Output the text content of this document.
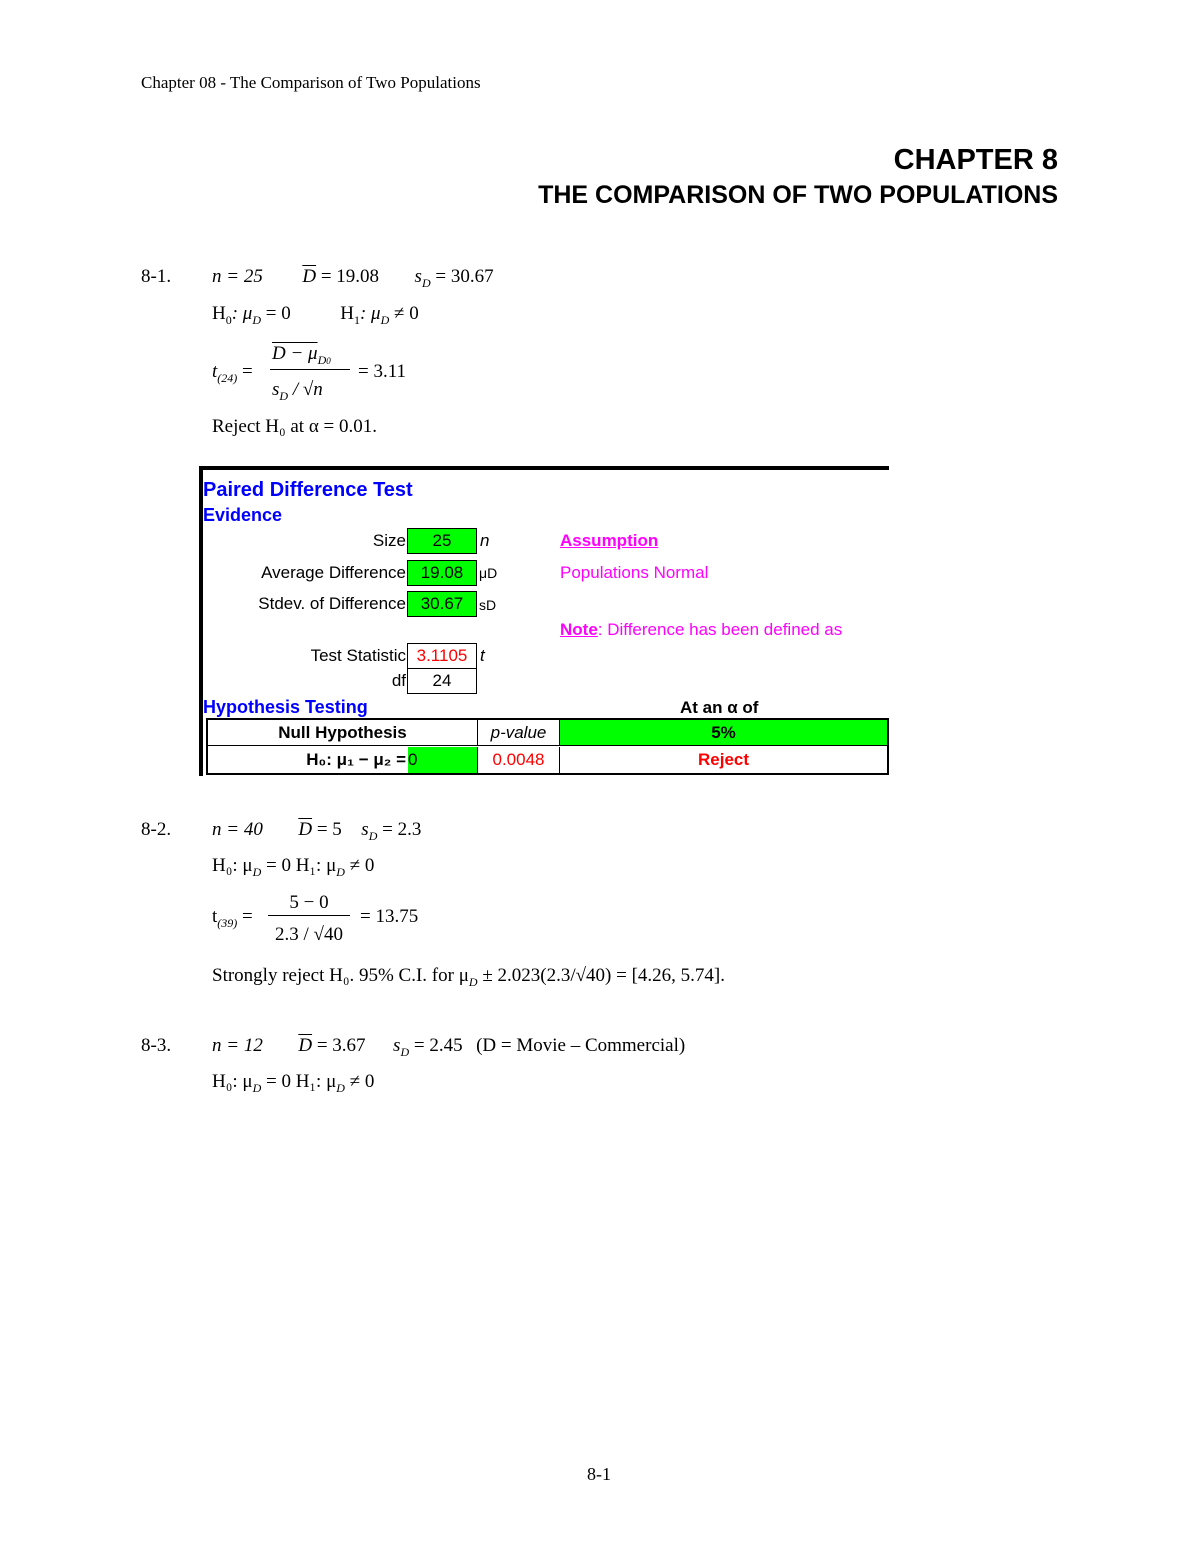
Chapter 08 - The Comparison of Two Populations
CHAPTER 8
THE COMPARISON OF TWO POPULATIONS
8-1. n = 25 $\overline{D} = 19.08$ $s_D = 30.67$
$H_0$: $\mu_D = 0$	$H_1$: $\mu_D \ne 0$
$t_{(24)}$ =
$D - \mu_{D0}$
$s_D / √n$
= 3.11
Reject H₀ at α = 0.01.
Paired Difference Test
Evidence
Size	25	n
Average Difference 19.08	μD
Stdev. of Difference 30.67	sD
Assumption
Populations Normal
Note: Difference has been defined as
Test Statistic 3.1105 t
df	24
Hypothesis Testing	At an α of
Null Hypothesis	p-value	5%
H₀: μ₁ − μ₂ = 0	0.0048	Reject
8-2. n = 40 $\overline{D} = 5$ $s_D = 2.3$
H₀: $\mu_D = 0$ H₁: $\mu_D \ne 0$
$t_{(39)}$ =
5 − 0
2.3 / √40
= 13.75
Strongly reject H₀. 95% C.I. for $\mu_D \pm 2.023(2.3/√40) = [4.26$, 5.74].
8-3. n = 12 $\overline{D} = 3.67$ $s_D = 2.45$ (D = Movie – Commercial)
H₀: $\mu_D = 0$ H₁: $\mu_D \ne 0$
8-1
